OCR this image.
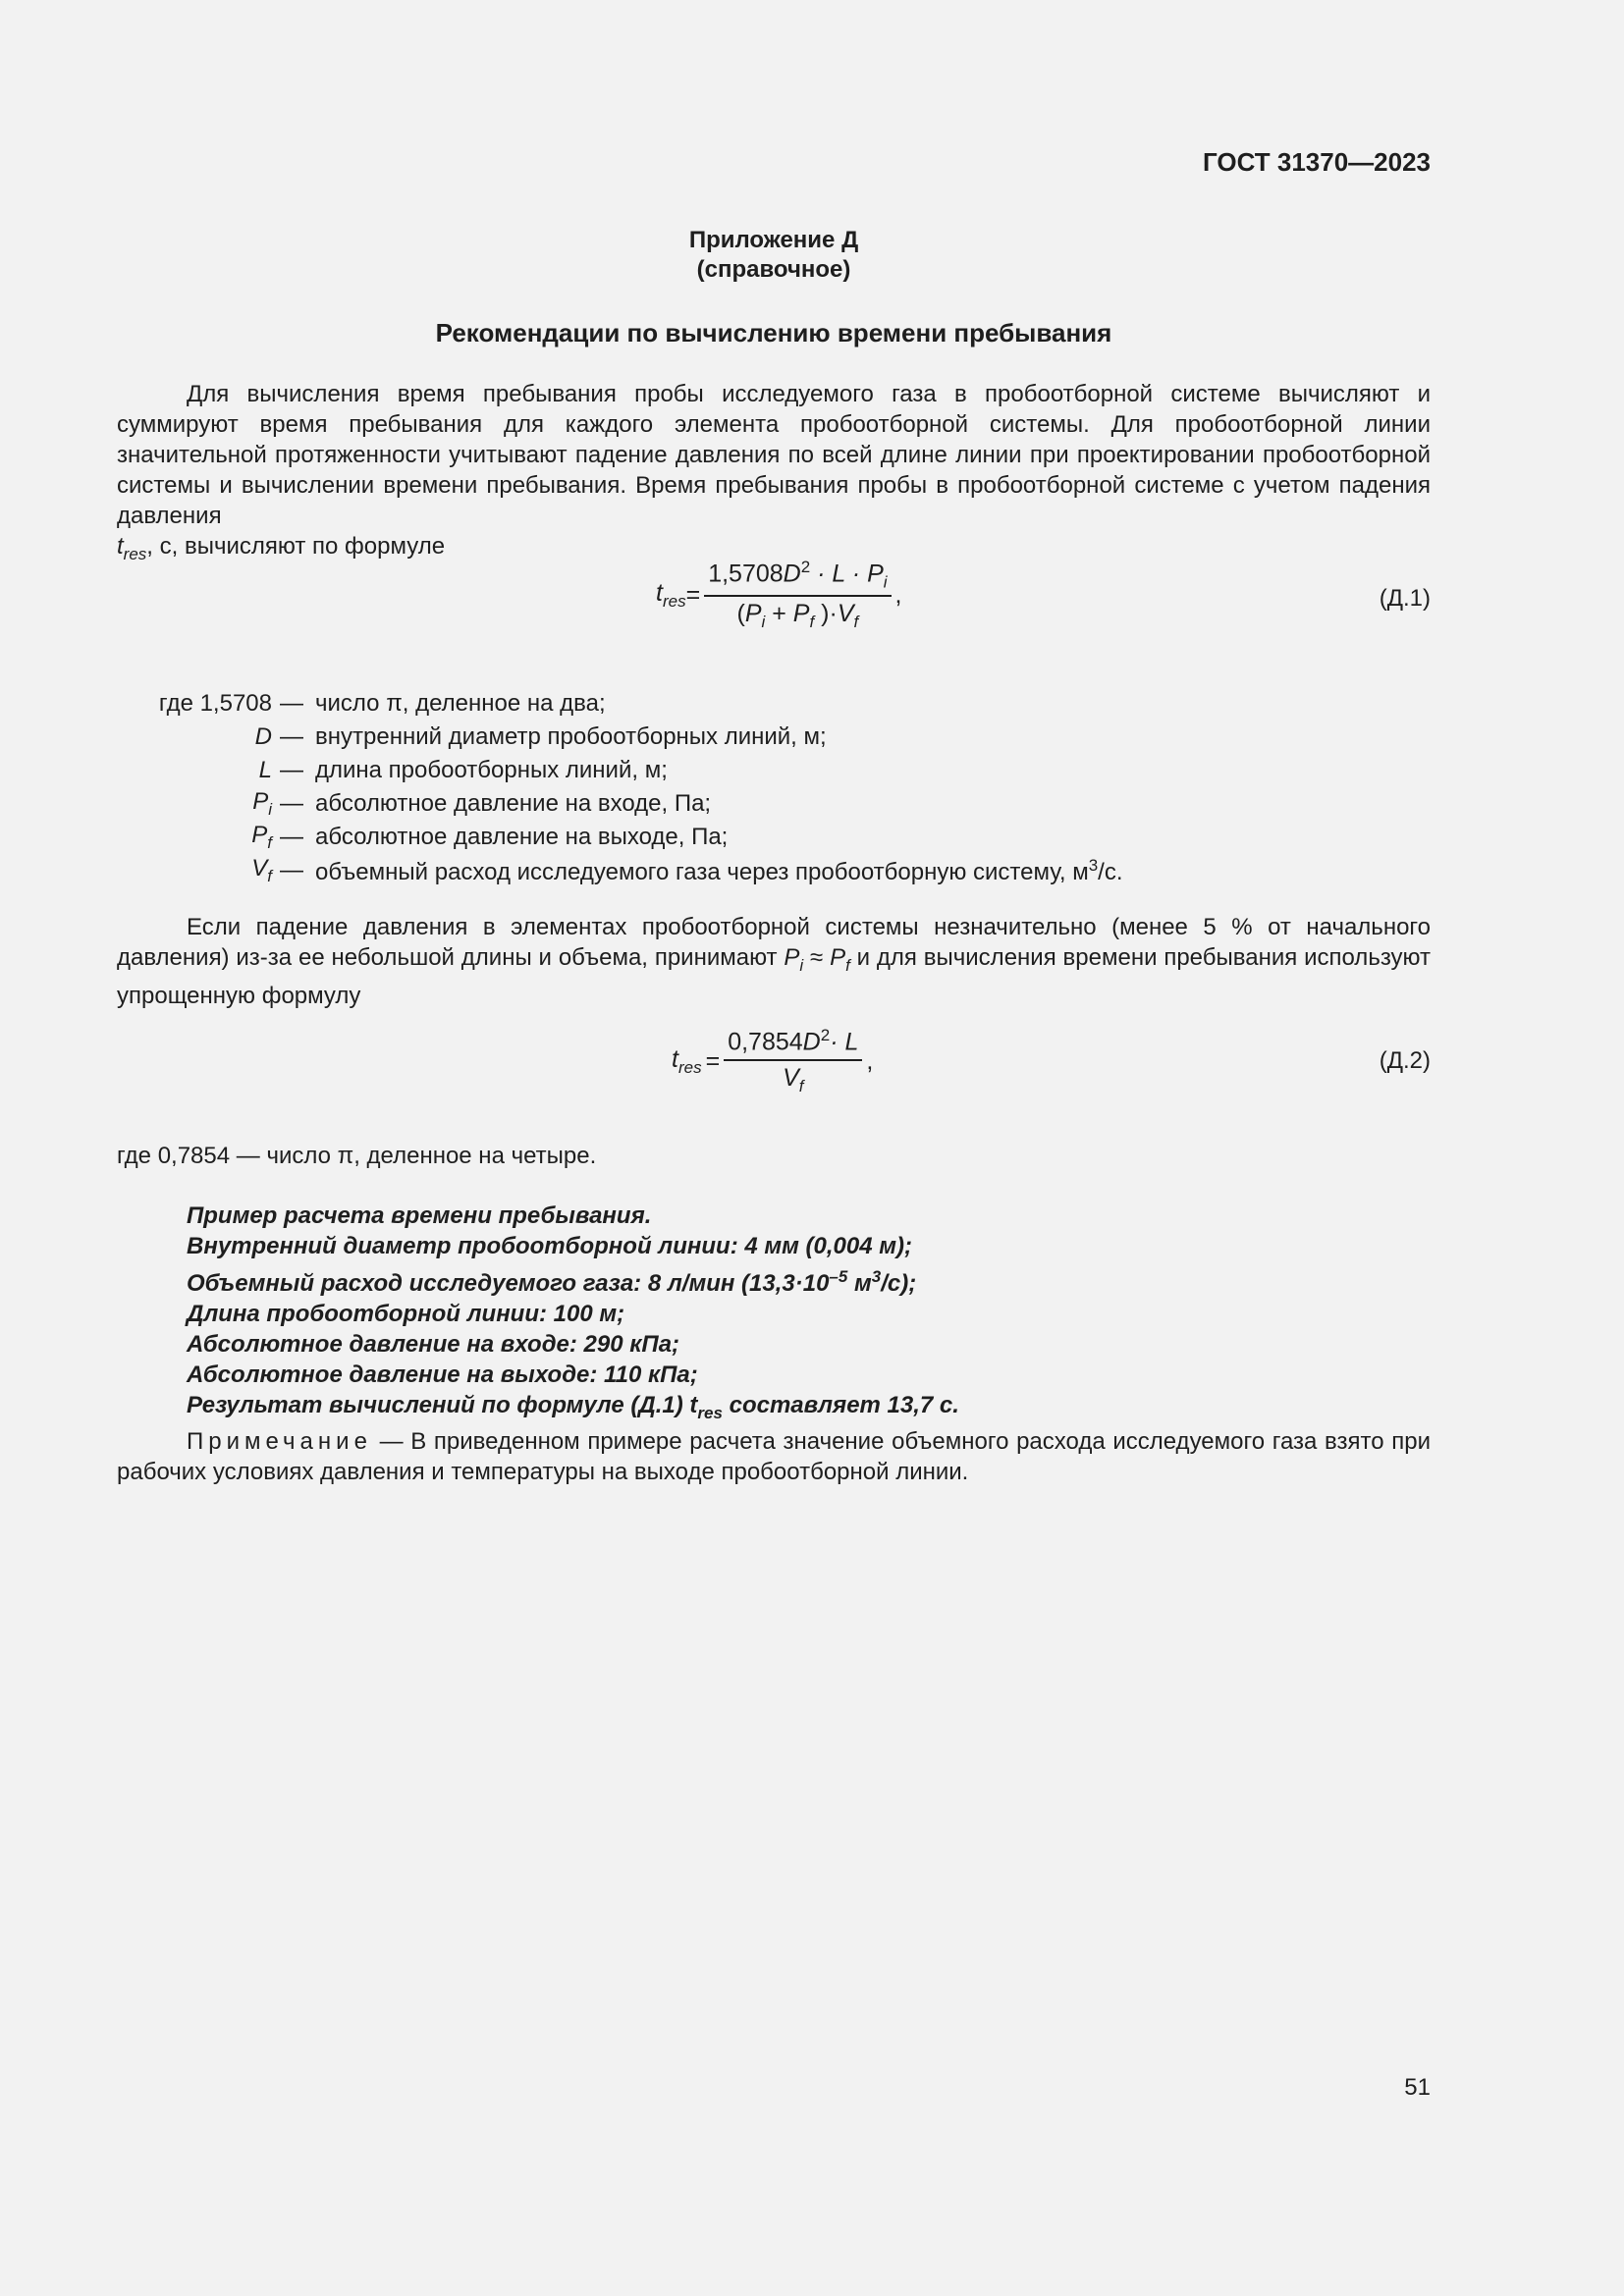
ГОСТ 31370—2023
Приложение Д
(справочное)
Рекомендации по вычислению времени пребывания
Для вычисления время пребывания пробы исследуемого газа в пробоотборной системе вычисляют и суммируют время пребывания для каждого элемента пробоотборной системы. Для пробоотборной линии значительной протяженности учитывают падение давления по всей длине линии при проектировании пробоотборной системы и вычислении времени пребывания. Время пребывания пробы в пробоотборной системе с учетом падения давления
$t_{res}$, с, вычисляют по формуле
$t_{res} = \frac{1,5708D^2 \cdot L \cdot P_i}{(P_i + P_f )\cdot V_f}$ ,	(Д.1)
где 1,5708 — число π, деленное на два;
D — внутренний диаметр пробоотборных линий, м;
L — длина пробоотборных линий, м;
$P_i$ — абсолютное давление на входе, Па;
$P_f$ — абсолютное давление на выходе, Па;
$V_f$ — объемный расход исследуемого газа через пробоотборную систему, $м^3/с$.
Если падение давления в элементах пробоотборной системы незначительно (менее 5 % от начального давления) из-за ее небольшой длины и объема, принимают $P_i \approx P_f$ и для вычисления времени пребывания используют упрощенную формулу
$t_{res} = \frac{0,7854D^2\cdot L}{V_f}$ ,	(Д.2)
где 0,7854 — число π, деленное на четыре.
Пример расчета времени пребывания.
Внутренний диаметр пробоотборной линии: 4 мм (0,004 м);
Объемный расход исследуемого газа: 8 л/мин ($13,3\cdot 10^{-5}$ $м^3/с$);
Длина пробоотборной линии: 100 м;
Абсолютное давление на входе: 290 кПа;
Абсолютное давление на выходе: 110 кПа;
Результат вычислений по формуле (Д.1) $t_{res}$ составляет 13,7 с.
Примечание — В приведенном примере расчета значение объемного расхода исследуемого газа взято при рабочих условиях давления и температуры на выходе пробоотборной линии.
51
